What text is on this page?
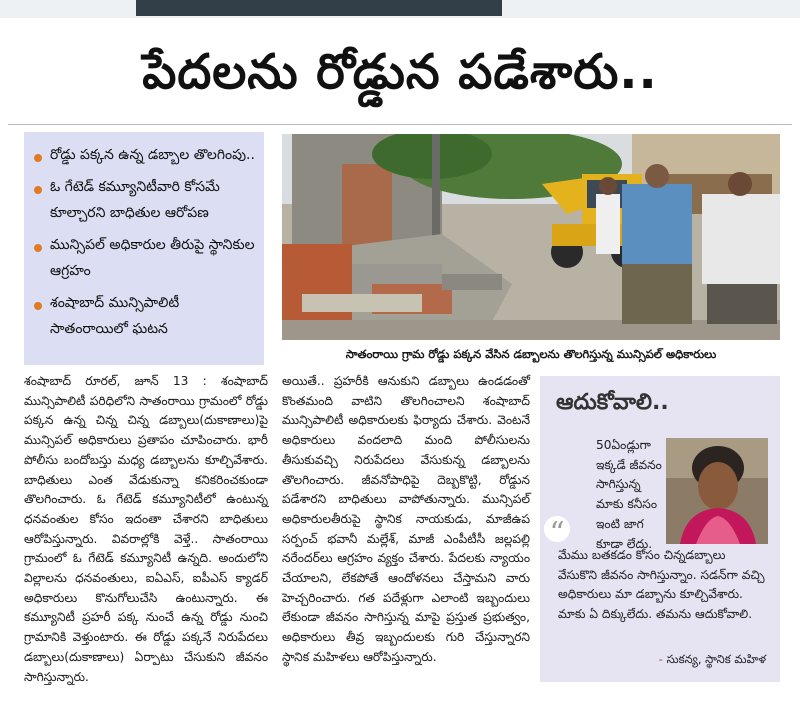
పేదలను రోడ్డున పడేశారు..
రోడ్డు పక్కన ఉన్న డబ్బాల తొలగింపు..
ఓ గేటెడ్ కమ్యూనిటీవారి కోసమే కూల్చారని బాధితుల ఆరోపణ
మున్సిపల్ అధికారుల తీరుపై స్థానికుల ఆగ్రహం
శంషాబాద్ మున్సిపాలిటీ సాతంరాయిలో ఘటన
సాతంరాయి గ్రామ రోడ్డు పక్కన వేసిన డబ్బాలను తొలగిస్తున్న మున్సిపల్ అధికారులు

శంషాబాద్ రూరల్, జూన్ 13 : శంషాబాద్ మున్సిపాలిటీ పరిధిలోని సాతంరాయి గ్రామంలో రోడ్డు పక్కన ఉన్న చిన్న చిన్న డబ్బాలు(దుకాణాలు)పై మున్సిపల్ అధికారులు ప్రతాపం చూపించారు. భారీ పోలీసు బందోబస్తు మధ్య డబ్బాలను కూల్చివేశారు. బాధితులు ఎంత వేడుకున్నా కనికరించకుండా తొలగించారు. ఓ గేటెడ్ కమ్యూనిటీలో ఉంటున్న ధనవంతుల కోసం ఇదంతా చేశారని బాధితులు ఆరోపిస్తున్నారు. వివరాల్లోకి వెళ్తే.. సాతంరాయి గ్రామంలో ఓ గేటెడ్ కమ్యూనిటీ ఉన్నది. అందులోని విల్లాలను ధనవంతులు, ఐఏఎస్, ఐపీఎస్ క్యాడర్ అధికారులు కొనుగోలుచేసి ఉంటున్నారు. ఈ కమ్యూనిటీ ప్రహరీ పక్క నుంచే ఉన్న రోడ్డు నుంచి గ్రామానికి వెళ్తుంటారు. ఈ రోడ్డు పక్కనే నిరుపేదలు డబ్బాలు(దుకాణాలు) ఏర్పాటు చేసుకుని జీవనం సాగిస్తున్నారు.

అయితే.. ప్రహరీకి ఆనుకుని డబ్బాలు ఉండడంతో కొంతమంది వాటిని తొలగించాలని శంషాబాద్ మున్సిపాలిటీ అధికారులకు ఫిర్యాదు చేశారు. వెంటనే అధికారులు వందలాది మంది పోలీసులను తీసుకువచ్చి నిరుపేదలు వేసుకున్న డబ్బాలను తొలగించారు. జీవనోపాధిపై దెబ్బకొట్టి, రోడ్డున పడేశారని బాధితులు వాపోతున్నారు. మున్సిపల్ అధికారులతీరుపై స్థానిక నాయకుడు, మాజీఉప సర్పంచ్ భవానీ మల్లేశ్, మాజీ ఎంపీటీసీ జల్లపల్లి నరేందర్‌లు ఆగ్రహం వ్యక్తం చేశారు. పేదలకు న్యాయం చేయాలని, లేకపోతే ఆందోళనలు చేస్తామని వారు హెచ్చరించారు. గత పదేళ్లుగా ఎలాంటి ఇబ్బందులు లేకుండా జీవనం సాగిస్తున్న మాపై ప్రస్తుత ప్రభుత్వం, అధికారులు తీవ్ర ఇబ్బందులకు గురి చేస్తున్నారని స్థానిక మహిళలు ఆరోపిస్తున్నారు.

ఆదుకోవాలి..
50ఏండ్లుగా ఇక్కడే జీవనం సాగిస్తున్న మాకు కనీసం ఇంటి జాగ కూడా లేదు.
“
మేము బతకడం కోసం చిన్నడబ్బాలు వేసుకొని జీవనం సాగిస్తున్నాం. సడన్‌గా వచ్చి అధికారులు మా డబ్బాను కూల్చివేశారు. మాకు ఏ దిక్కులేదు. తమను ఆదుకోవాలి.
- సుకన్య, స్థానిక మహిళ
